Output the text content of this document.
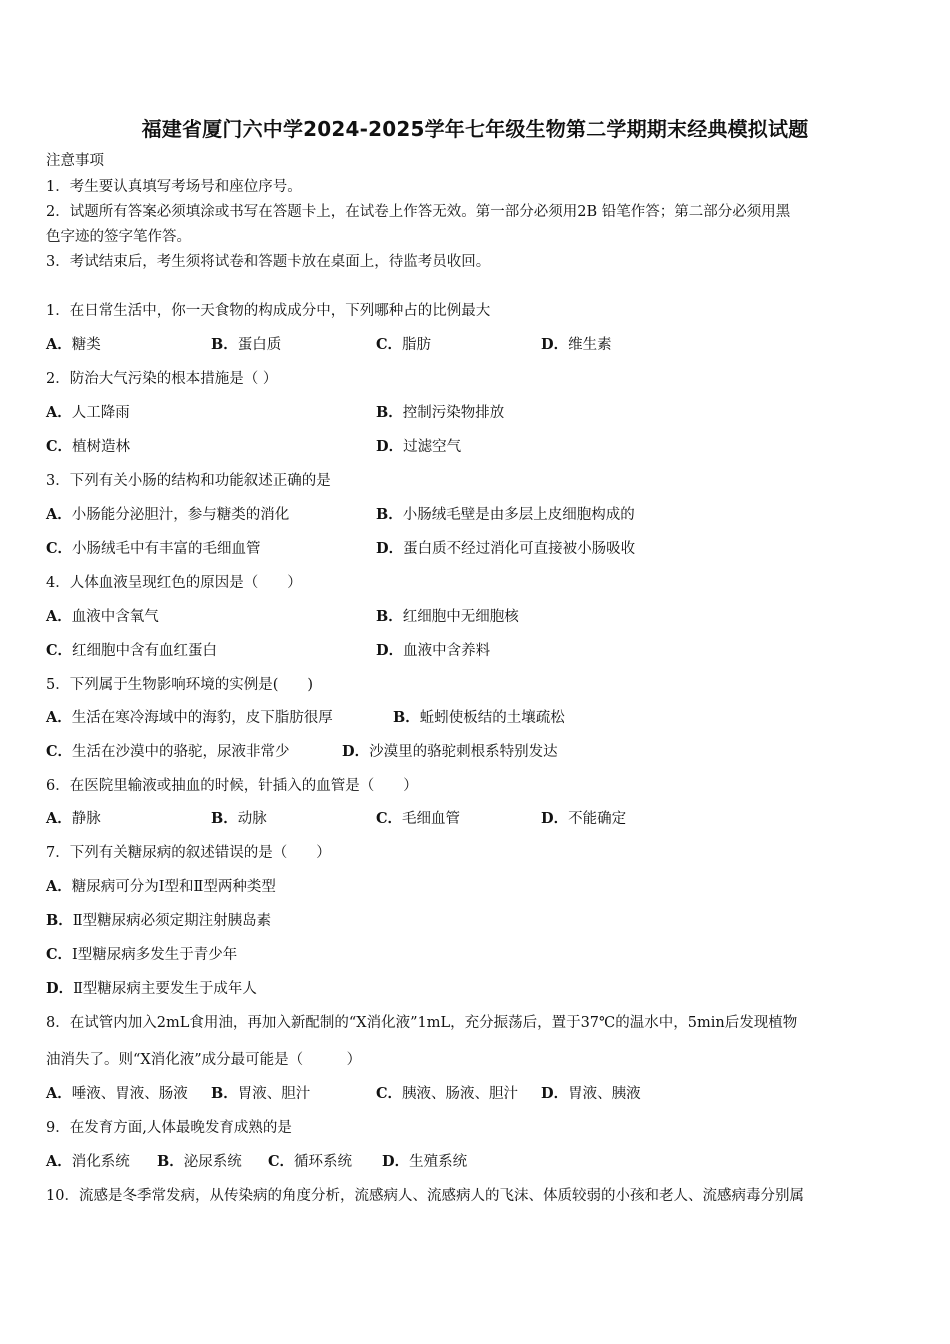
福建省厦门六中学2024-2025学年七年级生物第二学期期末经典模拟试题
注意事项
1．考生要认真填写考场号和座位序号。
2．试题所有答案必须填涂或书写在答题卡上，在试卷上作答无效。第一部分必须用2B 铅笔作答；第二部分必须用黑
色字迹的签字笔作答。
3．考试结束后，考生须将试卷和答题卡放在桌面上，待监考员收回。
1．在日常生活中，你一天食物的构成成分中，下列哪种占的比例最大
A．糖类	B．蛋白质	C．脂肪	D．维生素
2．防治大气污染的根本措施是（ ）
A．人工降雨	B．控制污染物排放
C．植树造林	D．过滤空气
3．下列有关小肠的结构和功能叙述正确的是
A．小肠能分泌胆汁，参与糖类的消化	B．小肠绒毛壁是由多层上皮细胞构成的
C．小肠绒毛中有丰富的毛细血管	D．蛋白质不经过消化可直接被小肠吸收
4．人体血液呈现红色的原因是（　　）
A．血液中含氧气	B．红细胞中无细胞核
C．红细胞中含有血红蛋白	D．血液中含养料
5．下列属于生物影响环境的实例是(　　)
A．生活在寒冷海域中的海豹，皮下脂肪很厚	B．蚯蚓使板结的土壤疏松
C．生活在沙漠中的骆驼，尿液非常少	D．沙漠里的骆驼刺根系特别发达
6．在医院里输液或抽血的时候，针插入的血管是（　　）
A．静脉	B．动脉	C．毛细血管	D．不能确定
7．下列有关糖尿病的叙述错误的是（　　）
A．糖尿病可分为Ⅰ型和Ⅱ型两种类型
B．Ⅱ型糖尿病必须定期注射胰岛素
C．Ⅰ型糖尿病多发生于青少年
D．Ⅱ型糖尿病主要发生于成年人
8．在试管内加入2mL食用油，再加入新配制的“X消化液”1mL，充分振荡后，置于37℃的温水中，5min后发现植物
油消失了。则“X消化液”成分最可能是（　　　）
A．唾液、胃液、肠液 B．胃液、胆汁	C．胰液、肠液、胆汁 D．胃液、胰液
9．在发育方面,人体最晚发育成熟的是
A．消化系统 B．泌尿系统 C．循环系统 D．生殖系统
10．流感是冬季常发病，从传染病的角度分析，流感病人、流感病人的飞沫、体质较弱的小孩和老人、流感病毒分别属
